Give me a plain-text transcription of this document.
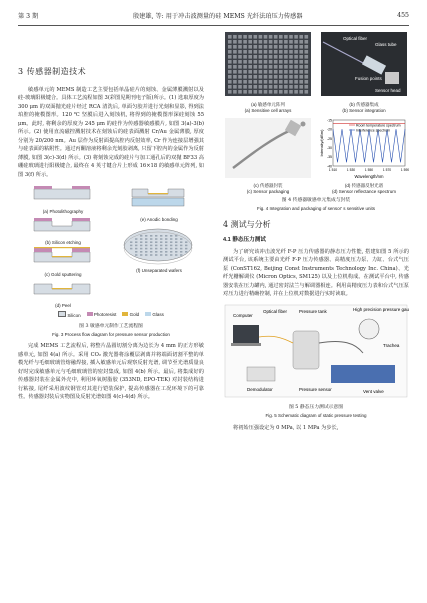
第 3 期	殷建雄, 等: 用于冲击波测量的硅 MEMS 光纤法珀压力传感器	455
3 传感器制造技术

敏感单元的 MEMS 制造工艺主要包括单晶硅片的刻蚀、金属薄膜溅射以及硅-玻璃阳极键合。具体工艺流程如图 3(彩图见期刊电子版)所示。(1) 选取厚度为 300 μm 的双面抛光硅片经过 RCA 清洗后, 单面匀胶并进行光刻和显影, 得到法珀腔的掩模图形。120 ℃ 坚膜后进入刻蚀机, 将得到的掩模图形深硅刻蚀 55 μm。此时, 将剩余的厚度为 245 μm 的硅作为传感器敏感膜片, 如图 3(a)-3(b) 所示。(2) 使用直流磁控溅射技术在刻蚀后的硅表面溅射 Cr/Au 金属薄膜, 厚度分别为 20/200 nm。Au 层作为反射面提高腔内反射效率, Cr 作为连接层增强其与硅表面的粘附性。通过丙酮溶液将剩余光刻胶剥离, 只留下腔内的金属作为反射薄膜, 如图 3(c)-3(d) 所示。(3) 将刻蚀完成的硅片与加工通孔后的双抛 BF33 高硼硅玻璃进行阳极键合, 最终在 4 英寸键合片上形成 16×18 的敏感单元阵列, 如图 3(f) 所示。

(a) Photolithography
(b) Silicon etching
(c) Gold sputtering
(d) Peel
(e) Anodic bonding
(f) Unseparated wafers
Silicon	Photoresist	Gold	Glass
图 3 敏感单元制作工艺流程图
Fig. 3 Process flow diagram for pressure sensor production

完成 MEMS 工艺流程后, 将整片晶圆切割分离为边长为 4 mm 的正方形敏感单元, 如图 4(a) 所示。采用 CO₂ 激光器将涂覆层剥离并将端面切割平整的单模光纤与毛细玻璃管熔融焊接, 插入敏感单元后观察反射光谱, 调节至光谱质量良好时完成敏感单元与毛细玻璃管的密封集成, 如图 4(b) 所示。最后, 将集成好的传感器封装在金属外壳中, 利用环氧树脂胶 (353ND, EPO-TEK) 对封装结构进行粘接, 尾纤采用波纹钢管对其进行铠装保护, 提高传感器在工况环境下的可靠性。传感器封装后实物图及反射光谱如图 4(c)-4(d) 所示。

(a) 敏感单元阵列
(a) Sensitive cell arrays
Optical fiber
Glass tube
Fusion points
Sensor head
(b) 传感器集成
(b) Sensor integration
(c) 传感器封装
(c) Sensor packaging
-15
-20
-25
-30
-35
-40
1 510	1 530	1 550	1 570	1 590
Wavelength/nm
Intensity/(dBm)
Room temperature spectrum
Interference spectrum
(d) 传感器反射光谱
(d) Sensor reflectance spectrum
图 4 传感器敏感单元集成与封装
Fig. 4 Integration and packaging of sensor' s sensitive units
4 测试与分析
4.1 静态压力测试

为了研究该冲击波光纤 F-P 压力传感器的静态压力性能, 搭建如图 5 所示的测试平台, 该系统主要由光纤 F-P 压力传感器、高精度压力泵、力缸、台式气压泵 (ConST162, Beijing Const Instruments Technology Inc. China)、光纤光栅解调仪 (Micron Optics, SM125) 以及上位机构成。在测试平台中, 传感器安装在压力罐内, 通过密封法兰与解调器相连。利用高精度压力表和台式气压泵对压力进行精确控制, 并在上位机对数据进行实时读取。

Computer
Optical fiber	Pressure tank	High precision pressure gauge
Trachea
Demodulator	Pressure sensor	Vent valve
图 5 静态压力测试示意图
Fig. 5 Schematic diagram of static pressure testing

将初始压强设定为 0 MPa, 以 1 MPa 为步长,
